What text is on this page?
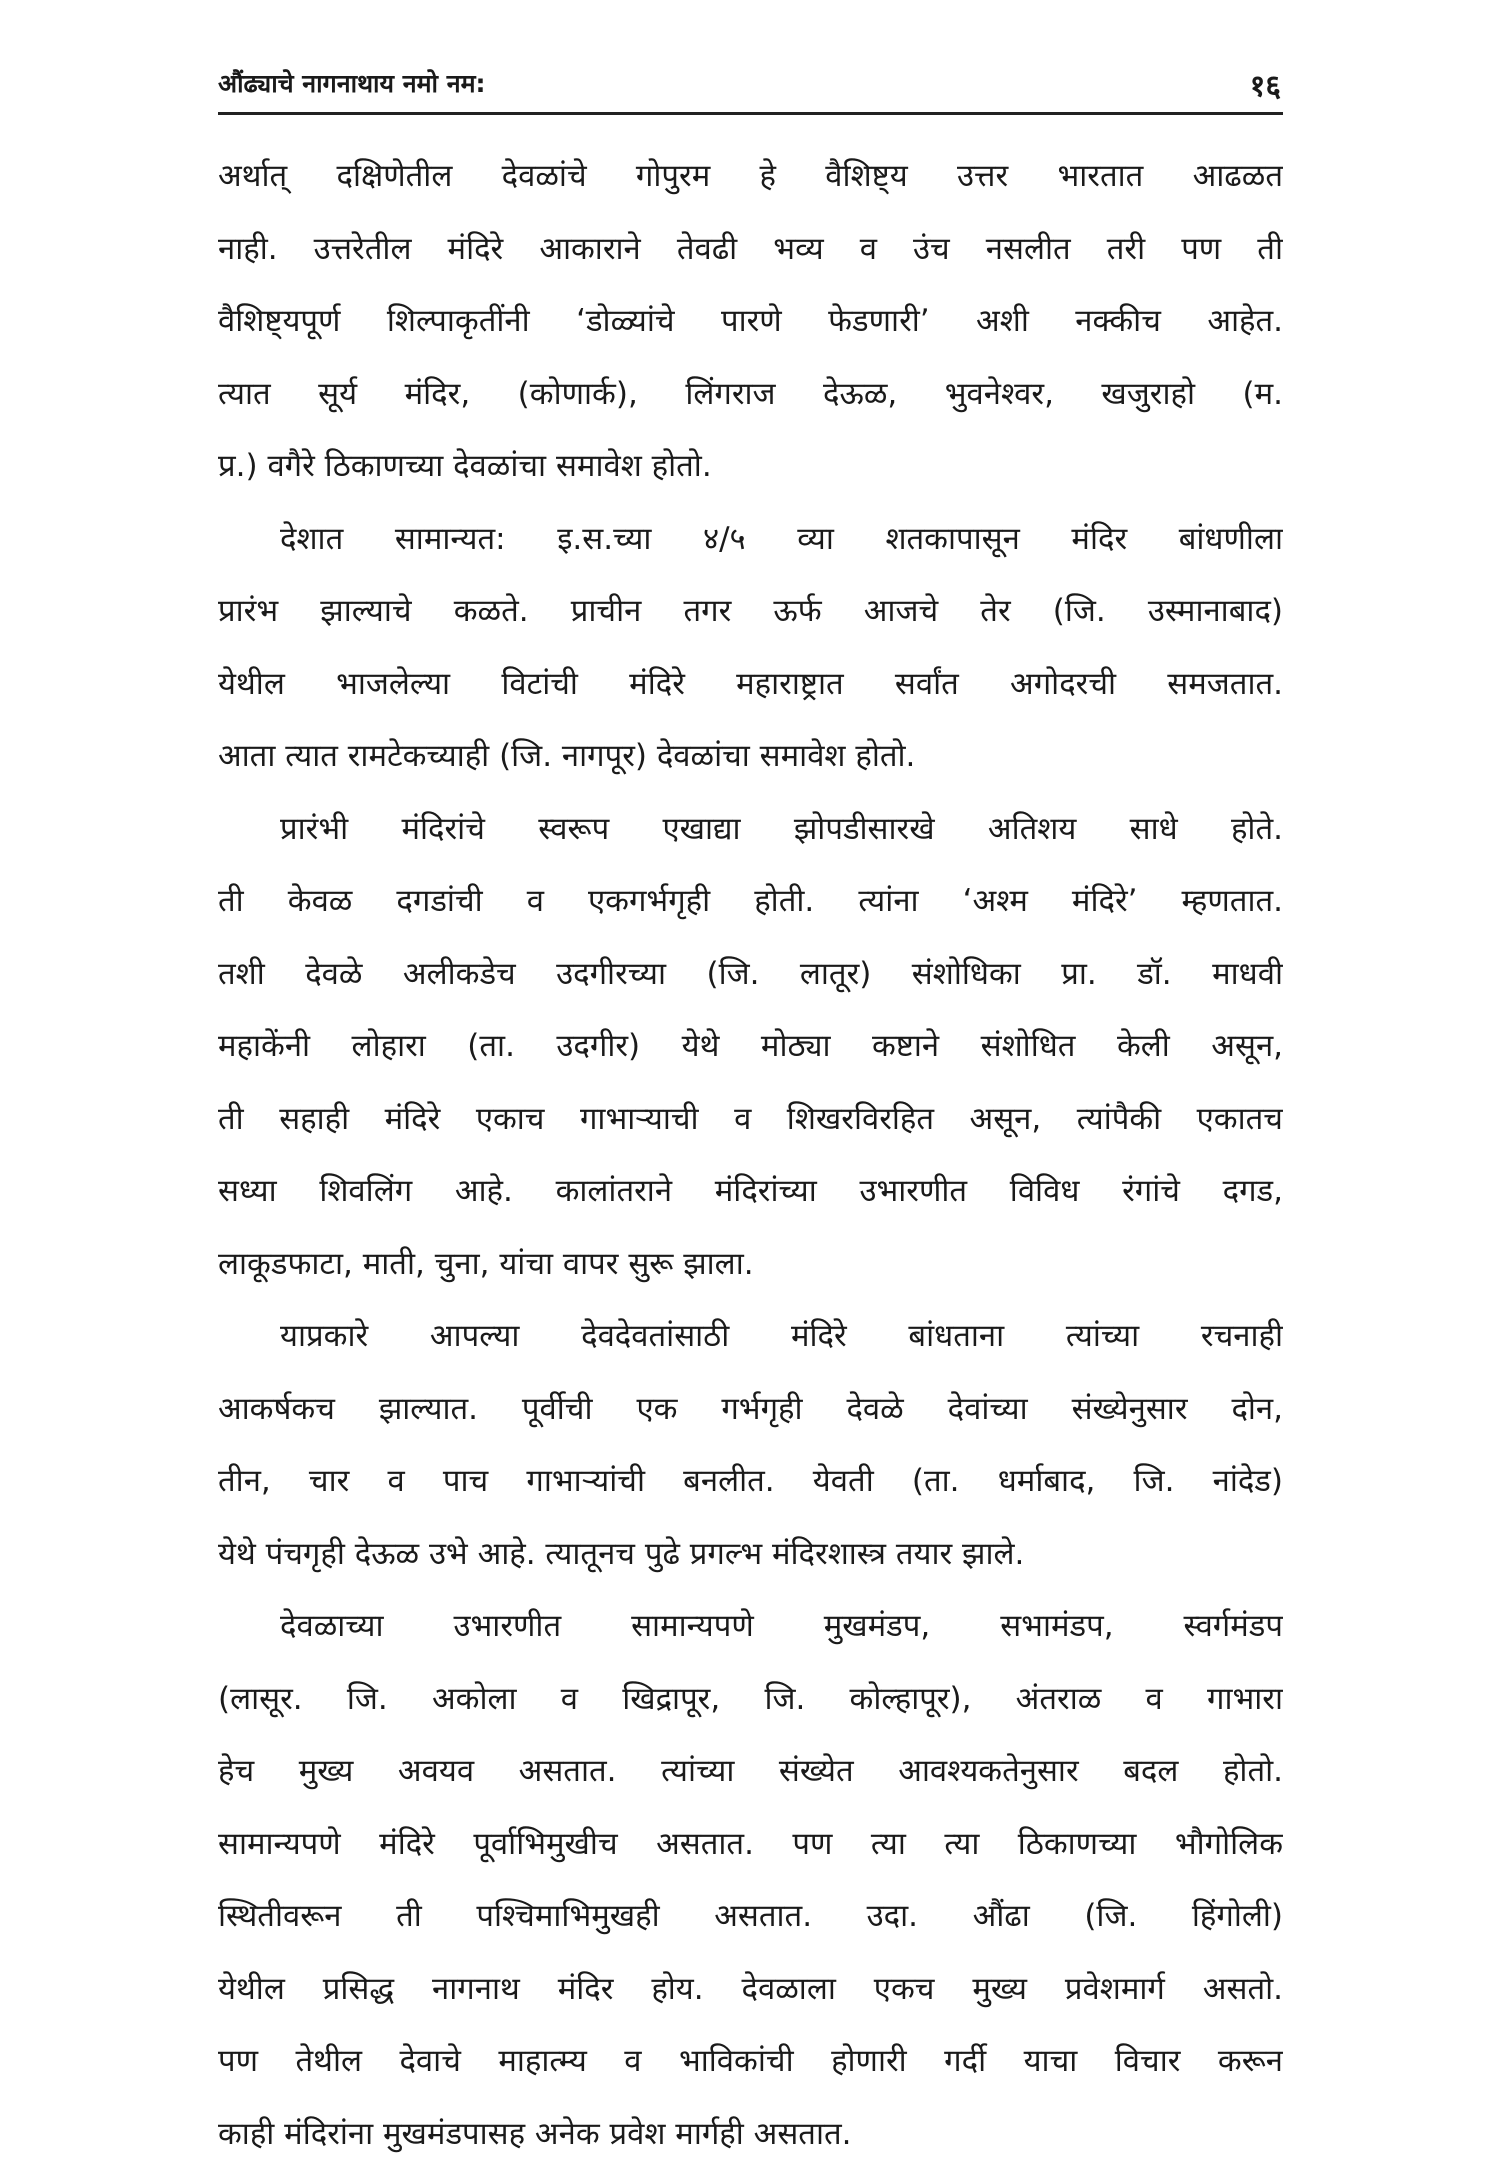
औंढ्याचे नागनाथाय नमो नम:	१६
अर्थात् दक्षिणेतील देवळांचे गोपुरम हे वैशिष्ट्य उत्तर भारतात आढळत
नाही. उत्तरेतील मंदिरे आकाराने तेवढी भव्य व उंच नसलीत तरी पण ती
वैशिष्ट्यपूर्ण शिल्पाकृतींनी ‘डोळ्यांचे पारणे फेडणारी’ अशी नक्कीच आहेत.
त्यात सूर्य मंदिर, (कोणार्क), लिंगराज देऊळ, भुवनेश्वर, खजुराहो (म.
प्र.) वगैरे ठिकाणच्या देवळांचा समावेश होतो.
देशात सामान्यत: इ.स.च्या ४/५ व्या शतकापासून मंदिर बांधणीला
प्रारंभ झाल्याचे कळते. प्राचीन तगर ऊर्फ आजचे तेर (जि. उस्मानाबाद)
येथील भाजलेल्या विटांची मंदिरे महाराष्ट्रात सर्वांत अगोदरची समजतात.
आता त्यात रामटेकच्याही (जि. नागपूर) देवळांचा समावेश होतो.
प्रारंभी मंदिरांचे स्वरूप एखाद्या झोपडीसारखे अतिशय साधे होते.
ती केवळ दगडांची व एकगर्भगृही होती. त्यांना ‘अश्म मंदिरे’ म्हणतात.
तशी देवळे अलीकडेच उदगीरच्या (जि. लातूर) संशोधिका प्रा. डॉ. माधवी
महाकेंनी लोहारा (ता. उदगीर) येथे मोठ्या कष्टाने संशोधित केली असून,
ती सहाही मंदिरे एकाच गाभाऱ्याची व शिखरविरहित असून, त्यांपैकी एकातच
सध्या शिवलिंग आहे. कालांतराने मंदिरांच्या उभारणीत विविध रंगांचे दगड,
लाकूडफाटा, माती, चुना, यांचा वापर सुरू झाला.
याप्रकारे आपल्या देवदेवतांसाठी मंदिरे बांधताना त्यांच्या रचनाही
आकर्षकच झाल्यात. पूर्वीची एक गर्भगृही देवळे देवांच्या संख्येनुसार दोन,
तीन, चार व पाच गाभाऱ्यांची बनलीत. येवती (ता. धर्माबाद, जि. नांदेड)
येथे पंचगृही देऊळ उभे आहे. त्यातूनच पुढे प्रगल्भ मंदिरशास्त्र तयार झाले.
देवळाच्या उभारणीत सामान्यपणे मुखमंडप, सभामंडप, स्वर्गमंडप
(लासूर. जि. अकोला व खिद्रापूर, जि. कोल्हापूर), अंतराळ व गाभारा
हेच मुख्य अवयव असतात. त्यांच्या संख्येत आवश्यकतेनुसार बदल होतो.
सामान्यपणे मंदिरे पूर्वाभिमुखीच असतात. पण त्या त्या ठिकाणच्या भौगोलिक
स्थितीवरून ती पश्चिमाभिमुखही असतात. उदा. औंढा (जि. हिंगोली)
येथील प्रसिद्ध नागनाथ मंदिर होय. देवळाला एकच मुख्य प्रवेशमार्ग असतो.
पण तेथील देवाचे माहात्म्य व भाविकांची होणारी गर्दी याचा विचार करून
काही मंदिरांना मुखमंडपासह अनेक प्रवेश मार्गही असतात.
